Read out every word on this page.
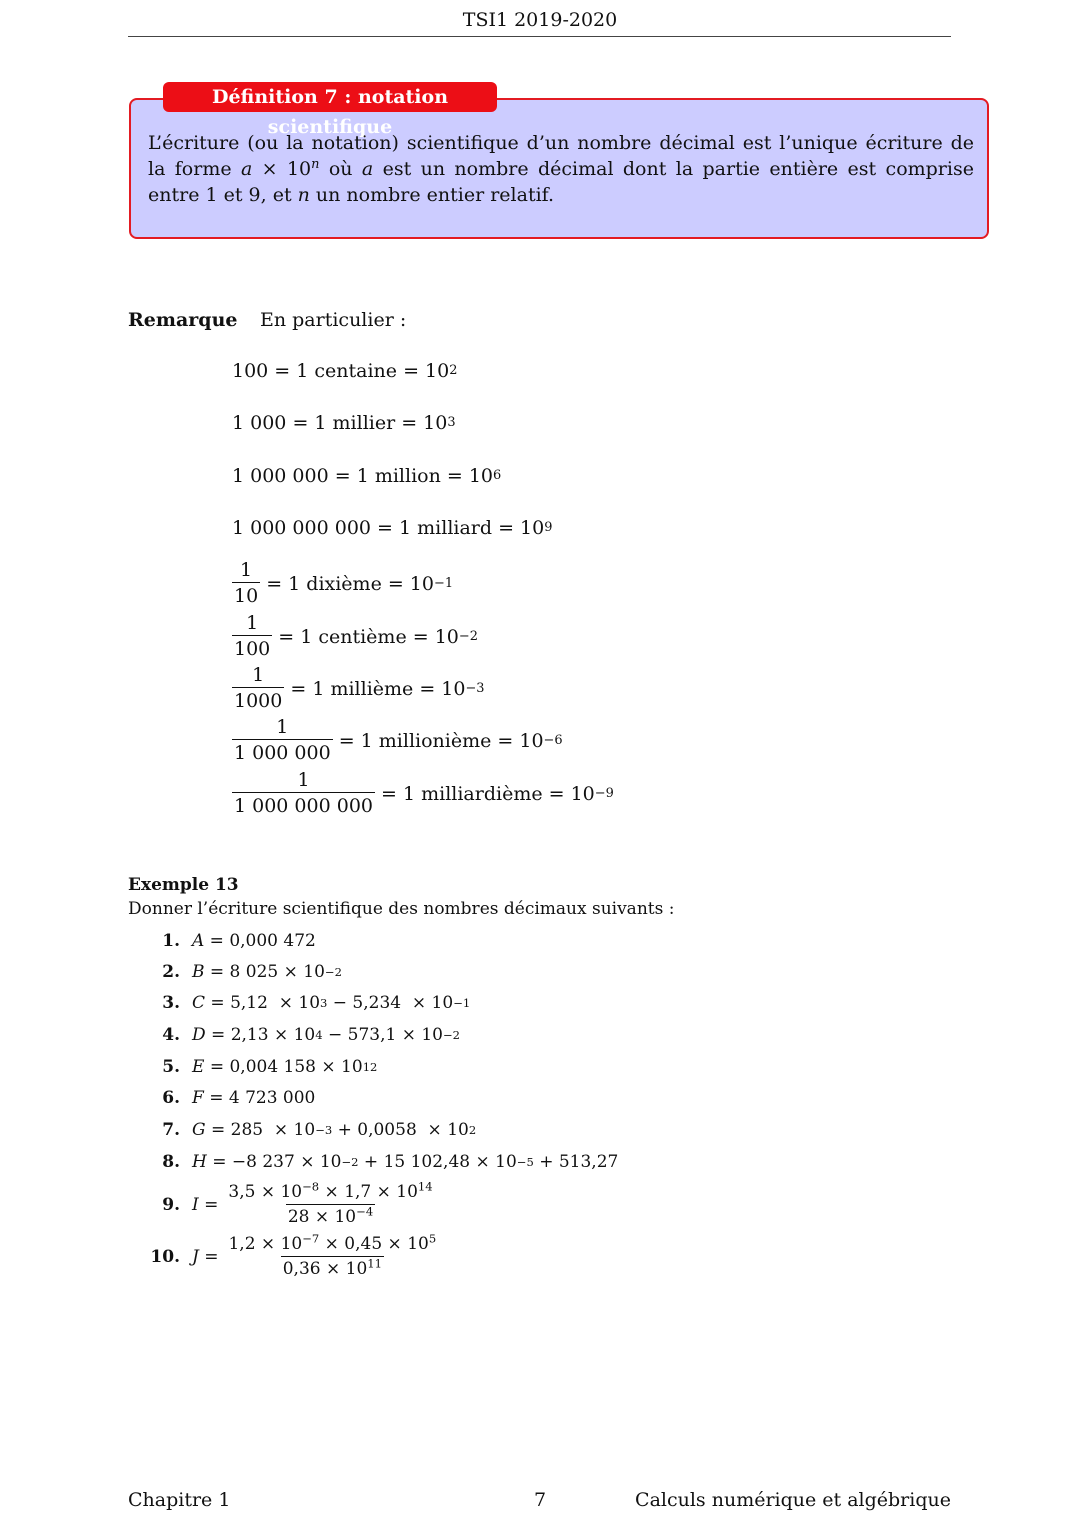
TSI1 2019-2020
Définition 7 : notation scientifique
L’écriture (ou la notation) scientifique d’un nombre décimal est l’unique écriture de la forme $a \times 10^n$ où a est un nombre décimal dont la partie entière est comprise entre 1 et 9, et n un nombre entier relatif.
Remarque En particulier :
100 = 1 centaine = 10 2
1 000 = 1 millier = 10 3
1 000 000 = 1 million = 10 6
1 000 000 000 = 1 milliard = 10 9
$\frac{1}{10} = 1$ dixième = 10 −1
$\frac{1}{100} = 1$ centième = 10 −2
$\frac{1}{1000} = 1$ millième = 10 −3
$\frac{1}{1 000 000} = 1$ millionième = 10 −6
$\frac{1}{1 000 000 000} = 1$ milliardième = 10 −9
Exemple 13
Donner l’écriture scientifique des nombres décimaux suivants :
1. A = 0,000 472
2. B = 8 025 × 10 −2
3. C = 5,12  × 10 3 − 5,234  × 10 −1
4. D = 2,13 × 10 4 − 573,1 × 10 −2
5. E = 0,004 158 × 10 12
6. F = 4 723 000
7. G = 285  × 10 −3 + 0,0058  × 10 2
8. H = −8 237 × 10 −2 + 15 102,48 × 10 −5 + 513,27
9. $I = \frac{3,5 \times 10^{-8} \times 1,7 \times 10^{14}}{28 \times 10^{-4}}$
10. $J = \frac{1,2 \times 10^{-7} \times 0,45 \times 10^5}{0,36 \times 10^{11}}$
Chapitre 1	7	Calculs numérique et algébrique
